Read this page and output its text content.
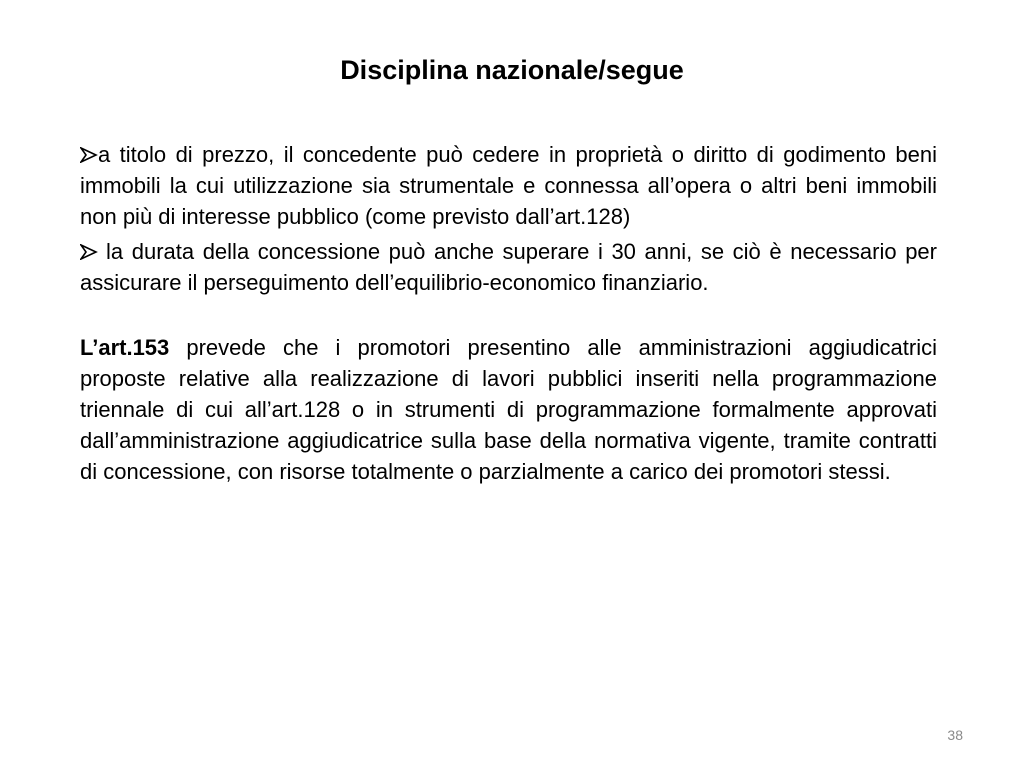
Disciplina nazionale/segue

a titolo di prezzo, il concedente può cedere in proprietà o diritto di godimento beni immobili la cui utilizzazione sia strumentale e connessa all’opera o altri beni immobili non più di interesse pubblico (come previsto dall’art.128)

la durata della concessione può anche superare i 30 anni, se ciò è necessario per assicurare il perseguimento dell’equilibrio-economico finanziario.

L’art.153 prevede che i promotori presentino alle amministrazioni aggiudicatrici proposte relative alla realizzazione di lavori pubblici inseriti nella programmazione triennale di cui all’art.128 o in strumenti di programmazione formalmente approvati dall’amministrazione aggiudicatrice sulla base della normativa vigente, tramite contratti di concessione, con risorse totalmente o parzialmente a carico dei promotori stessi.

38
